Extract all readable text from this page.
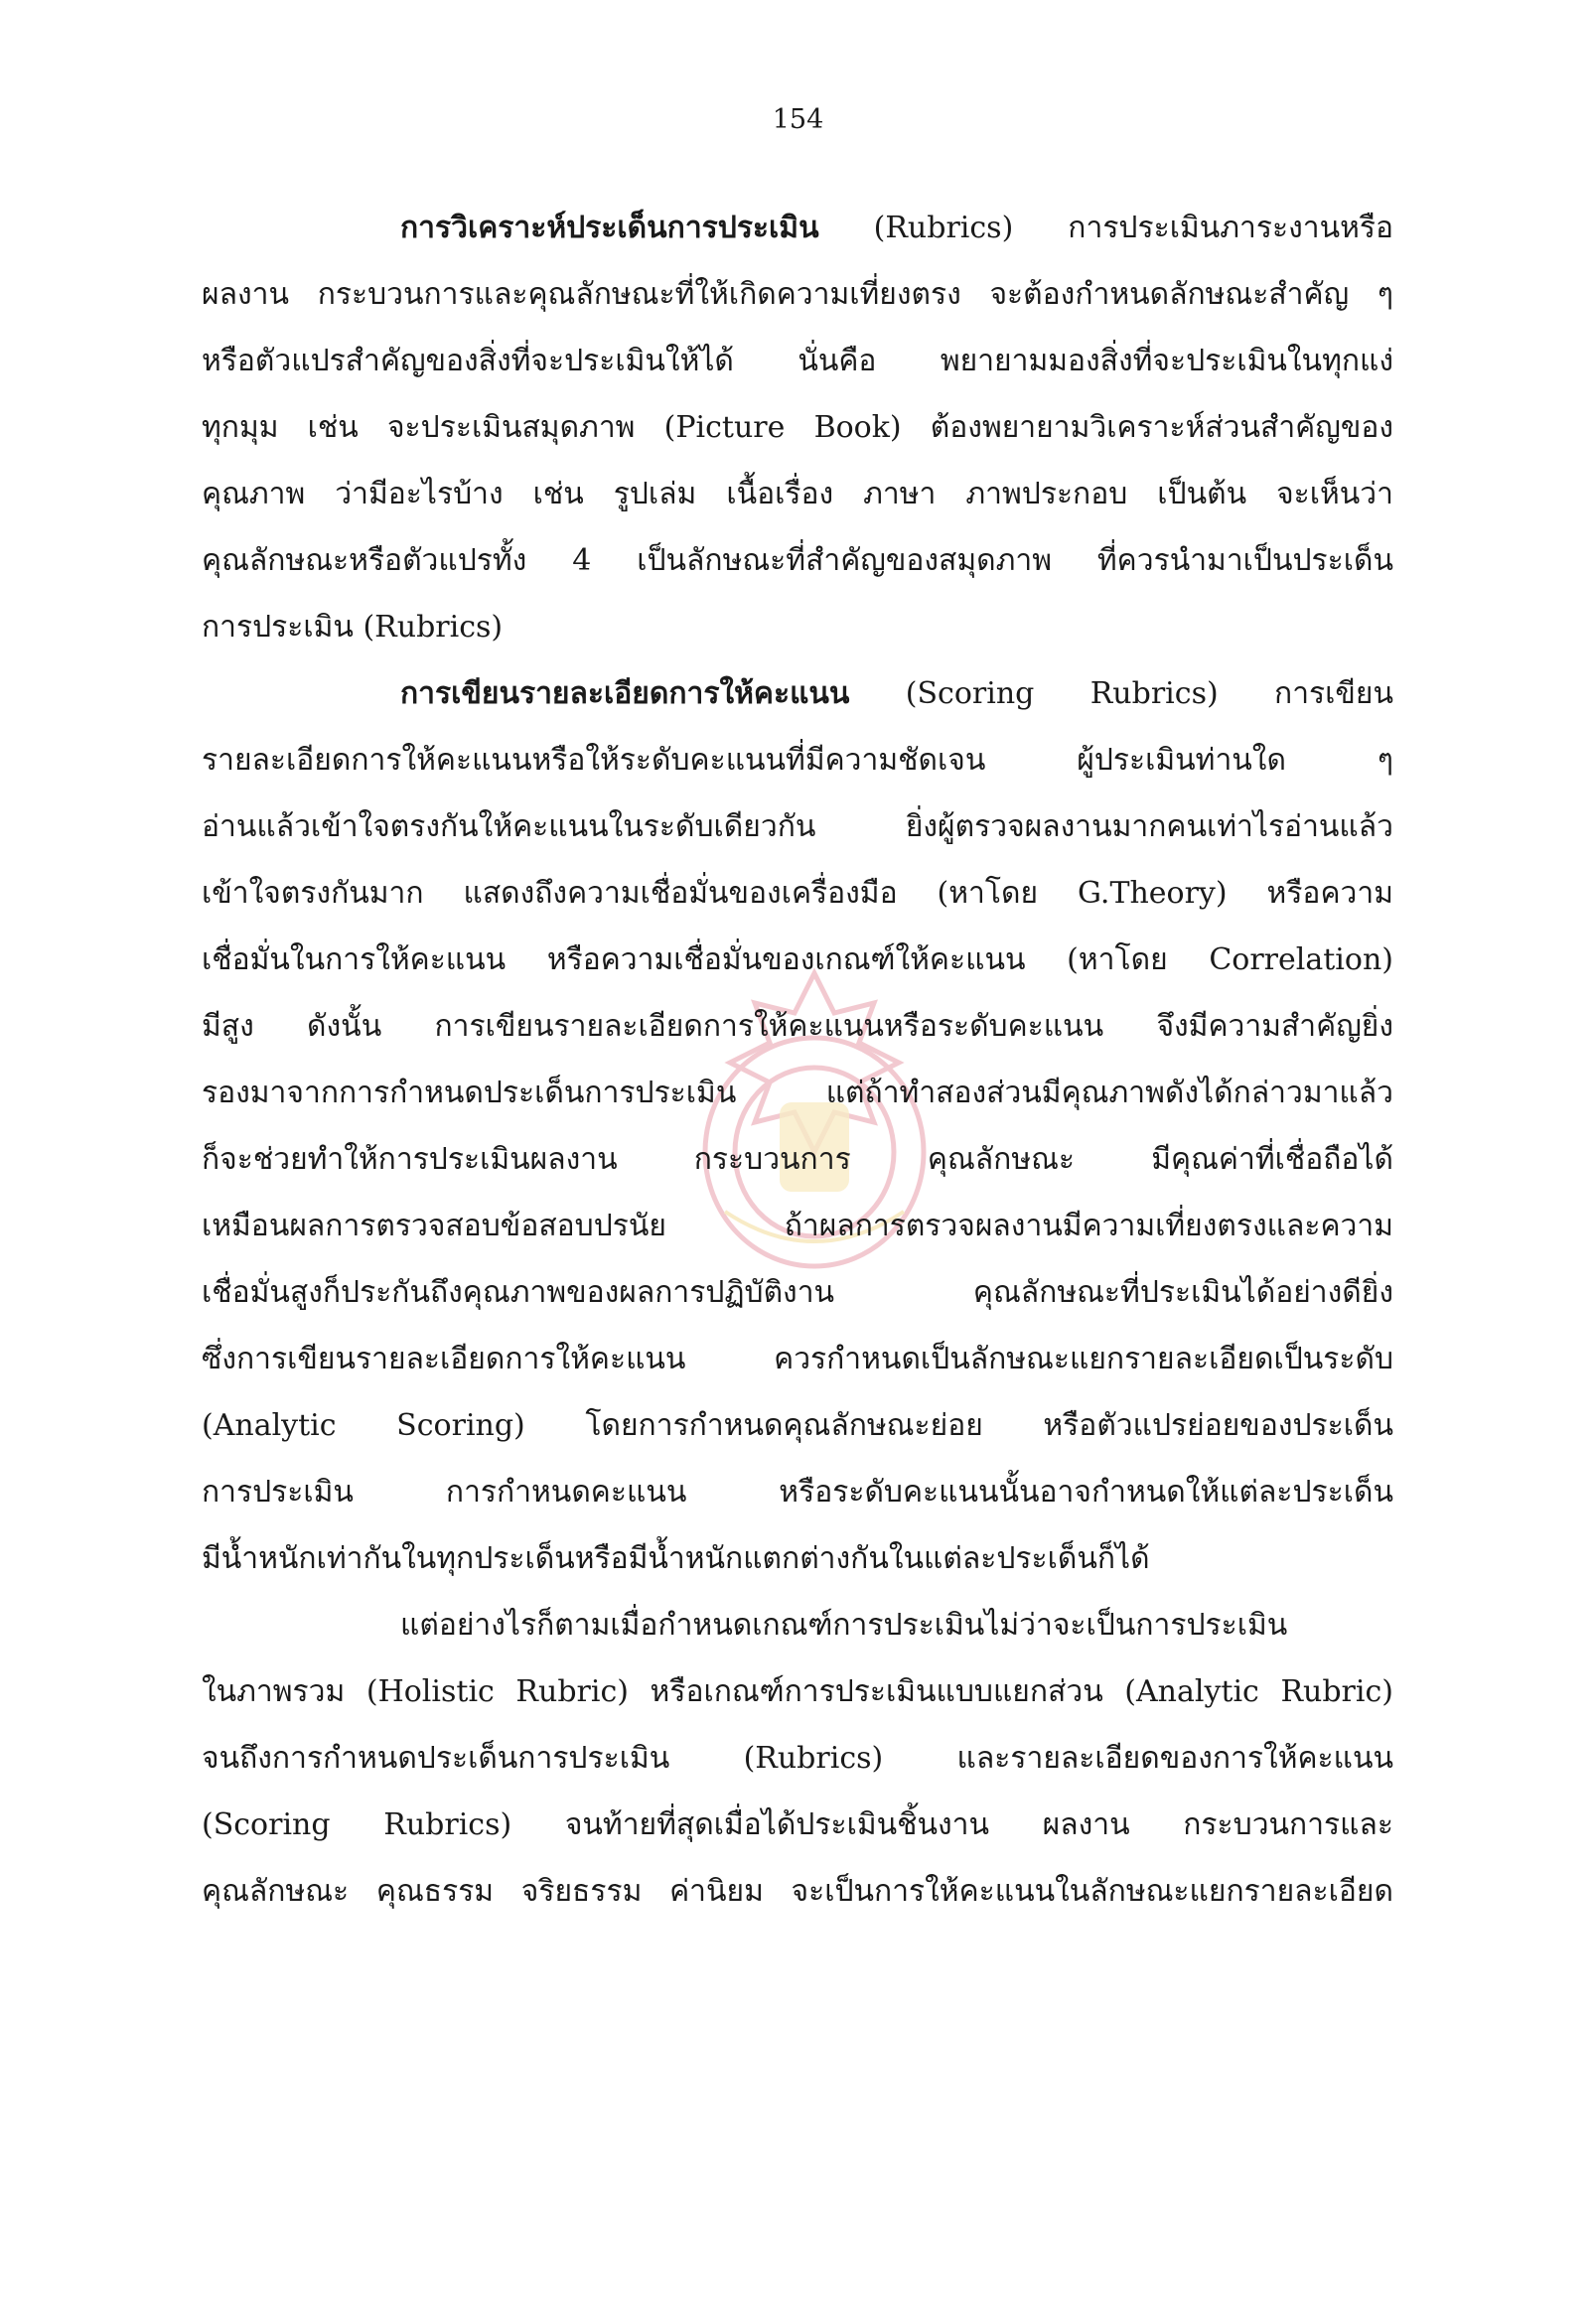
154

การวิเคราะห์ประเด็นการประเมิน (Rubrics) การประเมินภาระงานหรือ

ผลงาน กระบวนการและคุณลักษณะที่ให้เกิดความเที่ยงตรง จะต้องกำหนดลักษณะสำคัญ ๆ

หรือตัวแปรสำคัญของสิ่งที่จะประเมินให้ได้ นั่นคือ พยายามมองสิ่งที่จะประเมินในทุกแง่

ทุกมุม เช่น จะประเมินสมุดภาพ (Picture Book) ต้องพยายามวิเคราะห์ส่วนสำคัญของ

คุณภาพ ว่ามีอะไรบ้าง เช่น รูปเล่ม เนื้อเรื่อง ภาษา ภาพประกอบ เป็นต้น จะเห็นว่า

คุณลักษณะหรือตัวแปรทั้ง 4 เป็นลักษณะที่สำคัญของสมุดภาพ ที่ควรนำมาเป็นประเด็น

การประเมิน (Rubrics)

การเขียนรายละเอียดการให้คะแนน (Scoring Rubrics) การเขียน

รายละเอียดการให้คะแนนหรือให้ระดับคะแนนที่มีความชัดเจน ผู้ประเมินท่านใด ๆ

อ่านแล้วเข้าใจตรงกันให้คะแนนในระดับเดียวกัน ยิ่งผู้ตรวจผลงานมากคนเท่าไรอ่านแล้ว

เข้าใจตรงกันมาก แสดงถึงความเชื่อมั่นของเครื่องมือ (หาโดย G.Theory) หรือความ

เชื่อมั่นในการให้คะแนน หรือความเชื่อมั่นของเกณฑ์ให้คะแนน (หาโดย Correlation)

มีสูง ดังนั้น การเขียนรายละเอียดการให้คะแนนหรือระดับคะแนน จึงมีความสำคัญยิ่ง

รองมาจากการกำหนดประเด็นการประเมิน แต่ถ้าทำสองส่วนมีคุณภาพดังได้กล่าวมาแล้ว

ก็จะช่วยทำให้การประเมินผลงาน กระบวนการ คุณลักษณะ มีคุณค่าที่เชื่อถือได้

เหมือนผลการตรวจสอบข้อสอบปรนัย ถ้าผลการตรวจผลงานมีความเที่ยงตรงและความ

เชื่อมั่นสูงก็ประกันถึงคุณภาพของผลการปฏิบัติงาน คุณลักษณะที่ประเมินได้อย่างดียิ่ง

ซึ่งการเขียนรายละเอียดการให้คะแนน ควรกำหนดเป็นลักษณะแยกรายละเอียดเป็นระดับ

(Analytic Scoring) โดยการกำหนดคุณลักษณะย่อย หรือตัวแปรย่อยของประเด็น

การประเมิน การกำหนดคะแนน หรือระดับคะแนนนั้นอาจกำหนดให้แต่ละประเด็น

มีน้ำหนักเท่ากันในทุกประเด็นหรือมีน้ำหนักแตกต่างกันในแต่ละประเด็นก็ได้

แต่อย่างไรก็ตามเมื่อกำหนดเกณฑ์การประเมินไม่ว่าจะเป็นการประเมิน

ในภาพรวม (Holistic Rubric) หรือเกณฑ์การประเมินแบบแยกส่วน (Analytic Rubric)

จนถึงการกำหนดประเด็นการประเมิน (Rubrics) และรายละเอียดของการให้คะแนน

(Scoring Rubrics) จนท้ายที่สุดเมื่อได้ประเมินชิ้นงาน ผลงาน กระบวนการและ

คุณลักษณะ คุณธรรม จริยธรรม ค่านิยม จะเป็นการให้คะแนนในลักษณะแยกรายละเอียด
